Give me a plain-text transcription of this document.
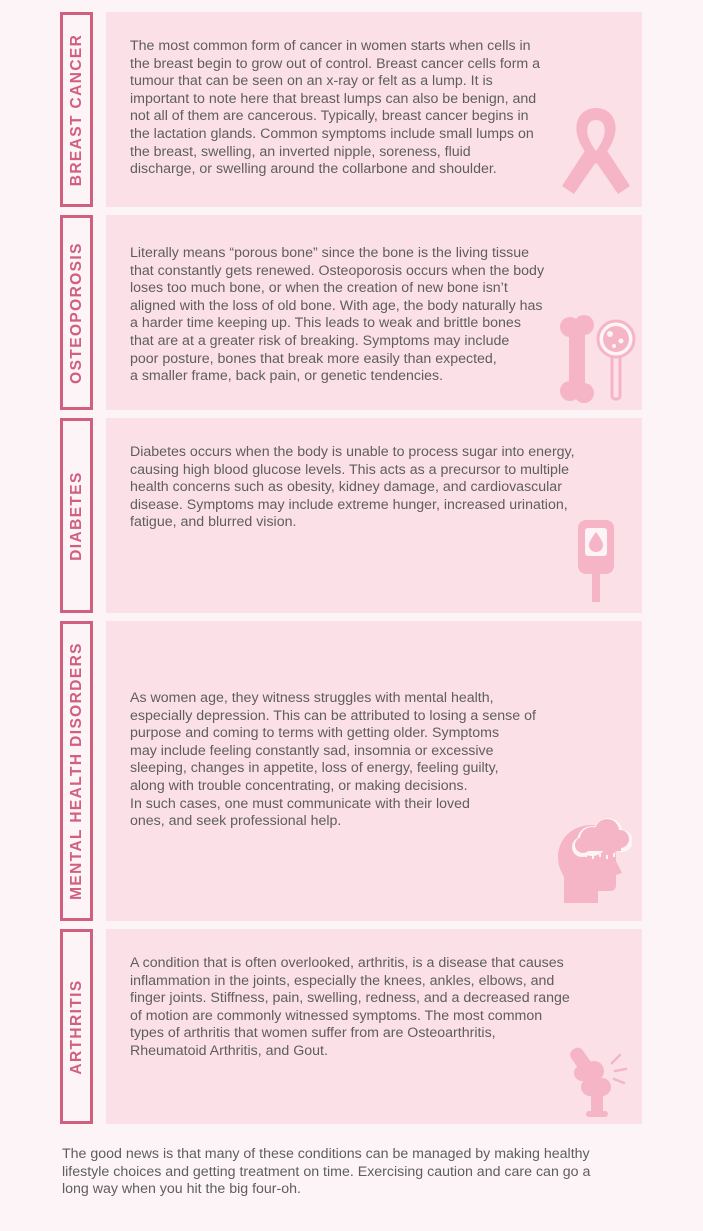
BREAST CANCER	The most common form of cancer in women starts when cells in
the breast begin to grow out of control. Breast cancer cells form a
tumour that can be seen on an x-ray or felt as a lump. It is
important to note here that breast lumps can also be benign, and
not all of them are cancerous. Typically, breast cancer begins in
the lactation glands. Common symptoms include small lumps on
the breast, swelling, an inverted nipple, soreness, fluid
discharge, or swelling around the collarbone and shoulder.

OSTEOPOROSIS	Literally means “porous bone” since the bone is the living tissue
that constantly gets renewed. Osteoporosis occurs when the body
loses too much bone, or when the creation of new bone isn’t
aligned with the loss of old bone. With age, the body naturally has
a harder time keeping up. This leads to weak and brittle bones
that are at a greater risk of breaking. Symptoms may include
poor posture, bones that break more easily than expected,
a smaller frame, back pain, or genetic tendencies.

DIABETES

Diabetes occurs when the body is unable to process sugar into energy,
causing high blood glucose levels. This acts as a precursor to multiple
health concerns such as obesity, kidney damage, and cardiovascular
disease. Symptoms may include extreme hunger, increased urination,
fatigue, and blurred vision.

MENTAL HEALTH DISORDERS	As women age, they witness struggles with mental health,
especially depression. This can be attributed to losing a sense of
purpose and coming to terms with getting older. Symptoms
may include feeling constantly sad, insomnia or excessive
sleeping, changes in appetite, loss of energy, feeling guilty,
along with trouble concentrating, or making decisions.
In such cases, one must communicate with their loved
ones, and seek professional help.

ARTHRITIS

A condition that is often overlooked, arthritis, is a disease that causes
inflammation in the joints, especially the knees, ankles, elbows, and
finger joints. Stiffness, pain, swelling, redness, and a decreased range
of motion are commonly witnessed symptoms. The most common
types of arthritis that women suffer from are Osteoarthritis,
Rheumatoid Arthritis, and Gout.

The good news is that many of these conditions can be managed by making healthy
lifestyle choices and getting treatment on time. Exercising caution and care can go a
long way when you hit the big four-oh.
